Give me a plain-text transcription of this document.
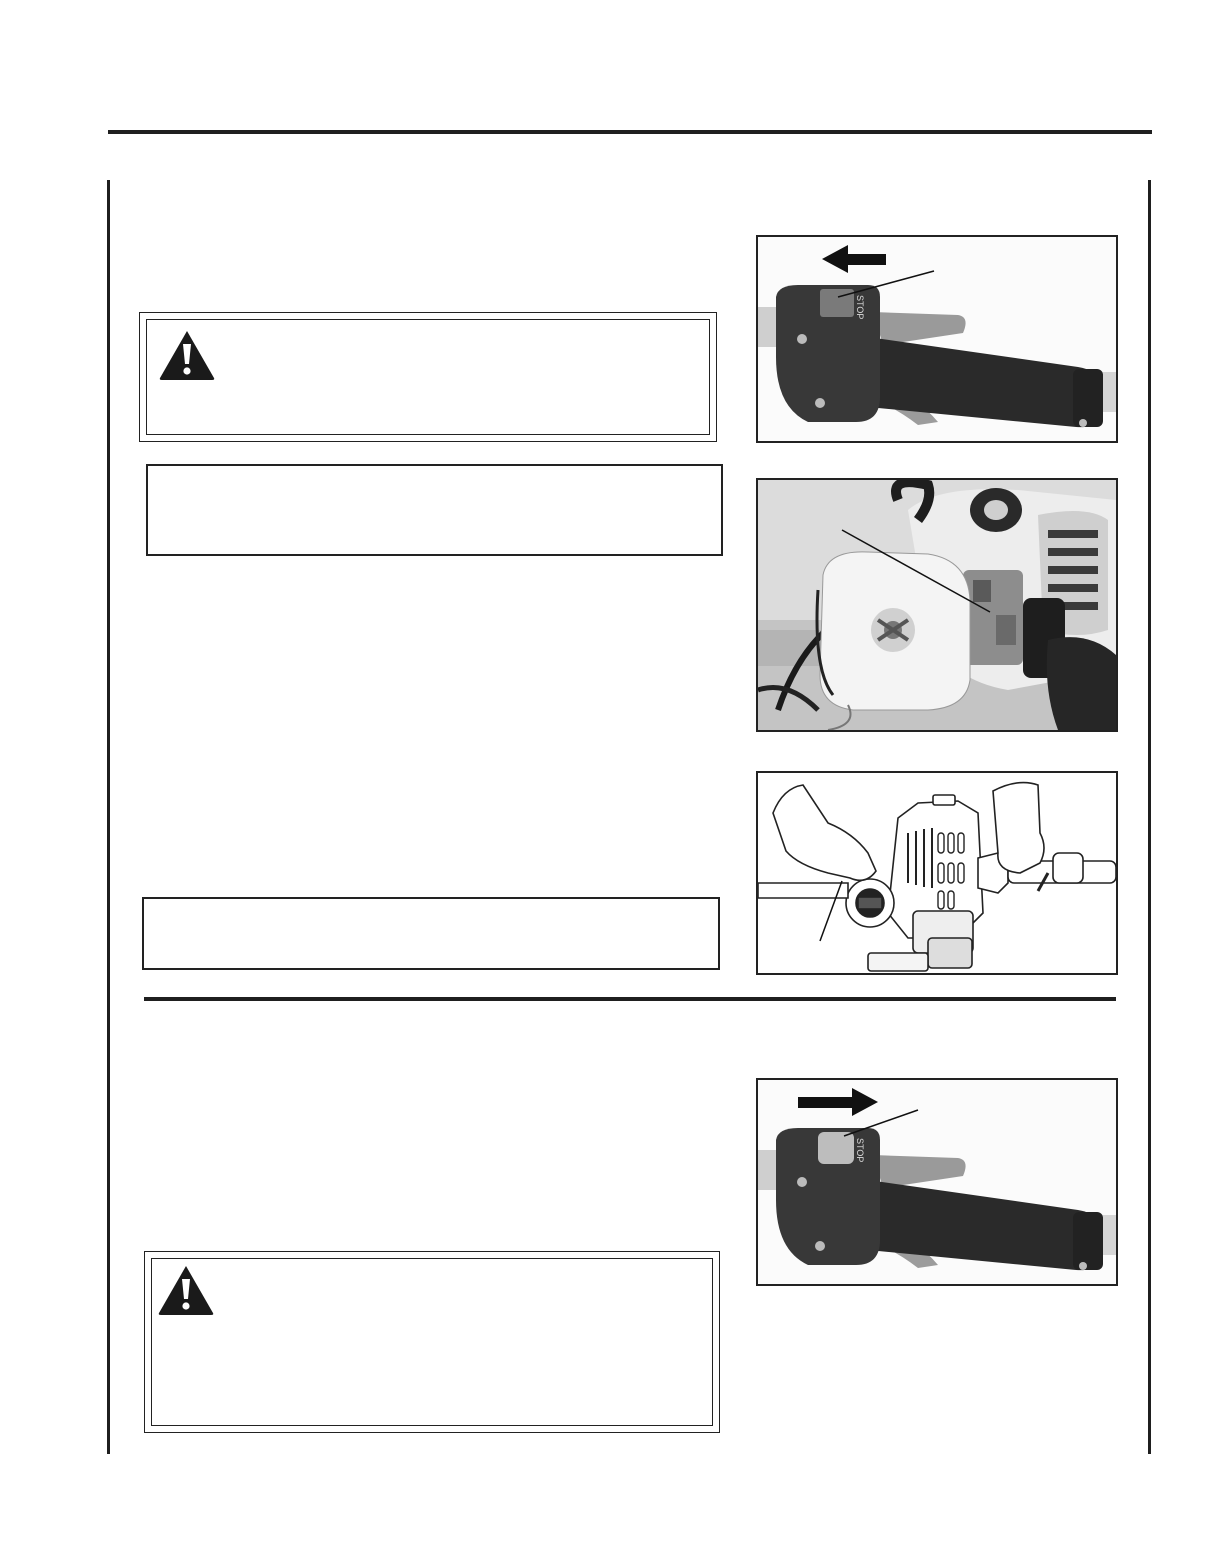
STOP
STOP
